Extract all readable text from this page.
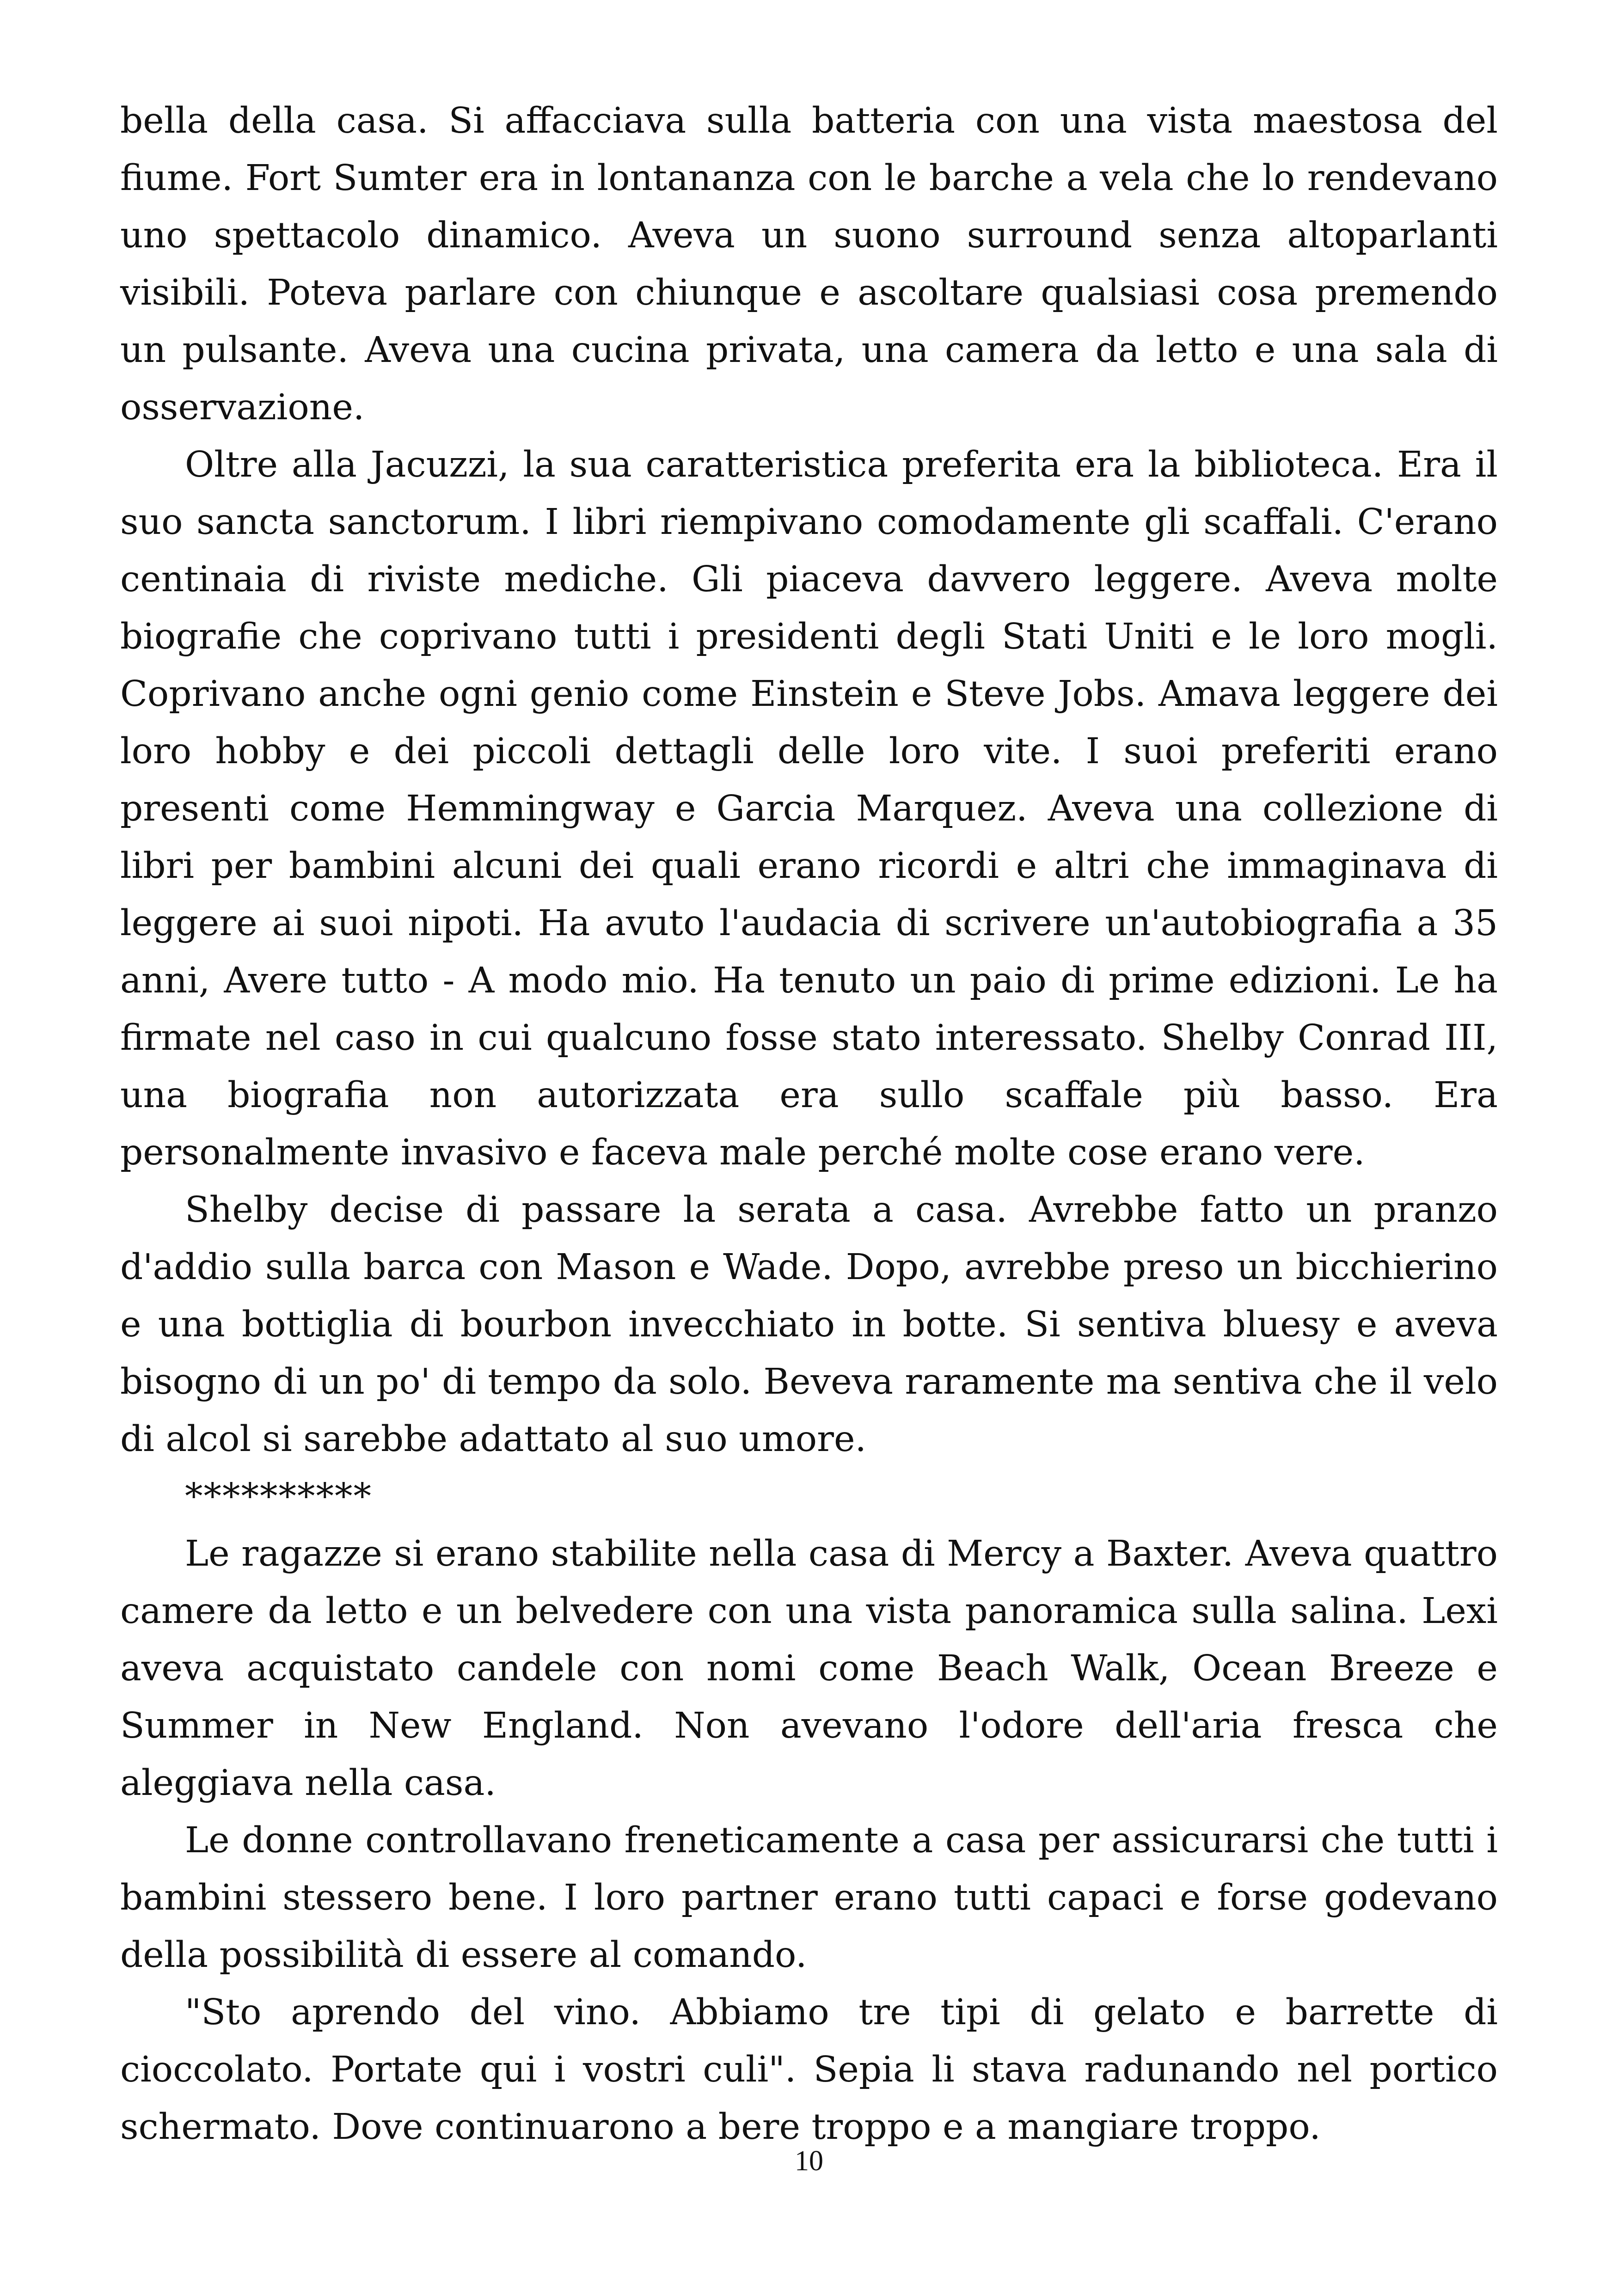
bella della casa. Si affacciava sulla batteria con una vista maestosa del fiume. Fort Sumter era in lontananza con le barche a vela che lo rendevano uno spettacolo dinamico. Aveva un suono surround senza altoparlanti visibili. Poteva parlare con chiunque e ascoltare qualsiasi cosa premendo un pulsante. Aveva una cucina privata, una camera da letto e una sala di osservazione.

Oltre alla Jacuzzi, la sua caratteristica preferita era la biblioteca. Era il suo sancta sanctorum. I libri riempivano comodamente gli scaffali. C'erano centinaia di riviste mediche. Gli piaceva davvero leggere. Aveva molte biografie che coprivano tutti i presidenti degli Stati Uniti e le loro mogli. Coprivano anche ogni genio come Einstein e Steve Jobs. Amava leggere dei loro hobby e dei piccoli dettagli delle loro vite. I suoi preferiti erano presenti come Hemmingway e Garcia Marquez. Aveva una collezione di libri per bambini alcuni dei quali erano ricordi e altri che immaginava di leggere ai suoi nipoti. Ha avuto l'audacia di scrivere un'autobiografia a 35 anni, Avere tutto - A modo mio. Ha tenuto un paio di prime edizioni. Le ha firmate nel caso in cui qualcuno fosse stato interessato. Shelby Conrad III, una biografia non autorizzata era sullo scaffale più basso. Era personalmente invasivo e faceva male perché molte cose erano vere.

Shelby decise di passare la serata a casa. Avrebbe fatto un pranzo d'addio sulla barca con Mason e Wade. Dopo, avrebbe preso un bicchierino e una bottiglia di bourbon invecchiato in botte. Si sentiva bluesy e aveva bisogno di un po' di tempo da solo. Beveva raramente ma sentiva che il velo di alcol si sarebbe adattato al suo umore.

**********

Le ragazze si erano stabilite nella casa di Mercy a Baxter. Aveva quattro camere da letto e un belvedere con una vista panoramica sulla salina. Lexi aveva acquistato candele con nomi come Beach Walk, Ocean Breeze e Summer in New England. Non avevano l'odore dell'aria fresca che aleggiava nella casa.

Le donne controllavano freneticamente a casa per assicurarsi che tutti i bambini stessero bene. I loro partner erano tutti capaci e forse godevano della possibilità di essere al comando.

"Sto aprendo del vino. Abbiamo tre tipi di gelato e barrette di cioccolato. Portate qui i vostri culi". Sepia li stava radunando nel portico schermato. Dove continuarono a bere troppo e a mangiare troppo.

10
